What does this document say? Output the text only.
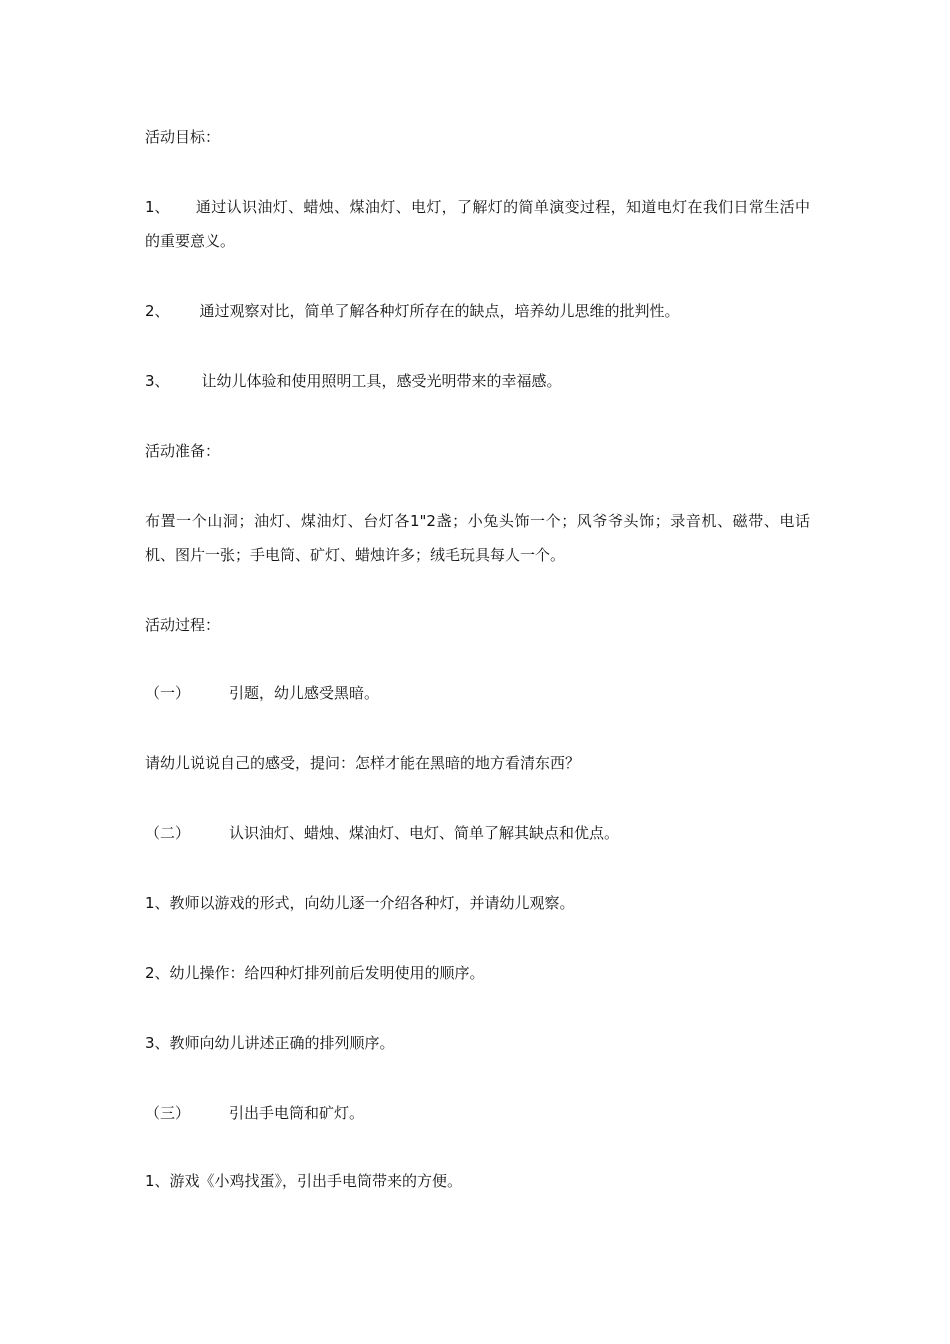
活动目标：
1、 通过认识油灯、蜡烛、煤油灯、电灯，了解灯的简单演变过程，知道电灯在我们日常生活中的重要意义。
2、 通过观察对比，简单了解各种灯所存在的缺点，培养幼儿思维的批判性。
3、 让幼儿体验和使用照明工具，感受光明带来的幸福感。
活动准备：
布置一个山洞；油灯、煤油灯、台灯各1"2盏；小兔头饰一个；风爷爷头饰；录音机、磁带、电话机、图片一张；手电筒、矿灯、蜡烛许多；绒毛玩具每人一个。
活动过程：
（一）	引题，幼儿感受黑暗。
请幼儿说说自己的感受，提问：怎样才能在黑暗的地方看清东西？
（二）	认识油灯、蜡烛、煤油灯、电灯、简单了解其缺点和优点。
1、教师以游戏的形式，向幼儿逐一介绍各种灯，并请幼儿观察。
2、幼儿操作：给四种灯排列前后发明使用的顺序。
3、教师向幼儿讲述正确的排列顺序。
（三）	引出手电筒和矿灯。
1、游戏《小鸡找蛋》，引出手电筒带来的方便。
